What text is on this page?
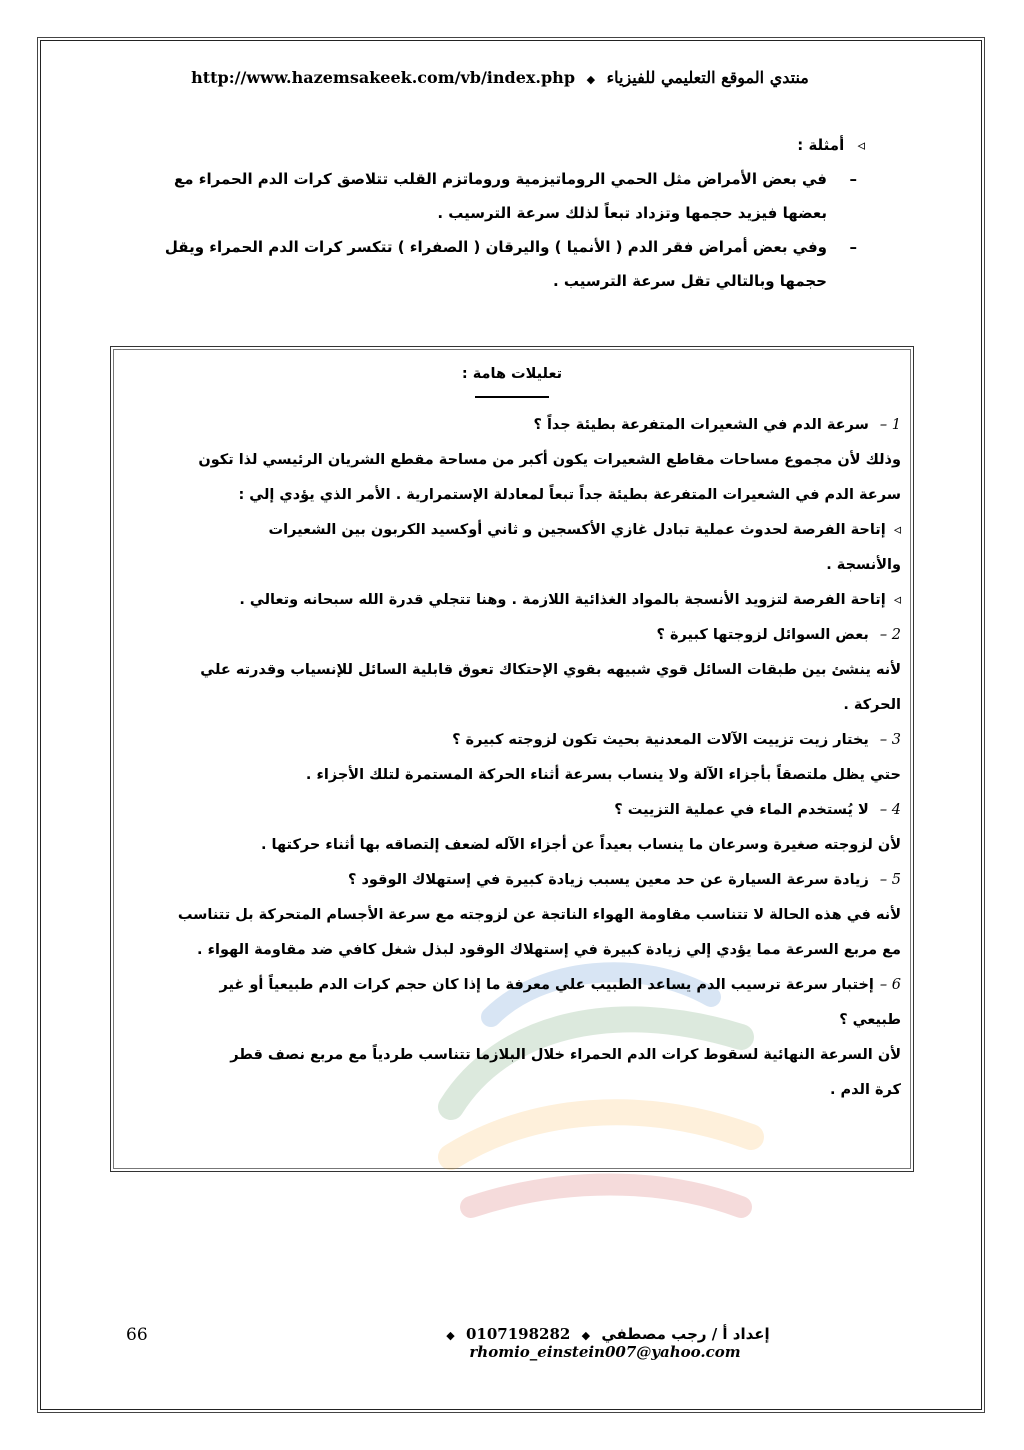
منتدي الموقع التعليمي للفيزياء ◆ http://www.hazemsakeek.com/vb/index.php
◃ أمثلة :
–
في بعض الأمراض مثل الحمي الروماتيزمية وروماتزم القلب تتلاصق كرات الدم الحمراء مع
بعضها فيزيد حجمها وتزداد تبعاً لذلك سرعة الترسيب .
–
وفي بعض أمراض فقر الدم ( الأنميا ) واليرقان ( الصفراء ) تتكسر كرات الدم الحمراء ويقل
حجمها وبالتالي تقل سرعة الترسيب .
تعليلات هامة :
1 – سرعة الدم في الشعيرات المتفرعة بطيئة جداً ؟
وذلك لأن مجموع مساحات مقاطع الشعيرات يكون أكبر من مساحة مقطع الشريان الرئيسي لذا تكون
سرعة الدم في الشعيرات المتفرعة بطيئة جداً تبعاً لمعادلة الإستمرارية . الأمر الذي يؤدي إلي :
◃إتاحة الفرصة لحدوث عملية تبادل غازي الأكسجين و ثاني أوكسيد الكربون بين الشعيرات
والأنسجة .
◃إتاحة الفرصة لتزويد الأنسجة بالمواد الغذائية اللازمة . وهنا تتجلي قدرة الله سبحانه وتعالي .
2 – بعض السوائل لزوجتها كبيرة ؟
لأنه ينشئ بين طبقات السائل قوي شبيهه بقوي الإحتكاك تعوق قابلية السائل للإنسياب وقدرته علي
الحركة .
3 – يختار زيت تزييت الآلات المعدنية بحيث تكون لزوجته كبيرة ؟
حتي يظل ملتصقاً بأجزاء الآلة ولا ينساب بسرعة أثناء الحركة المستمرة لتلك الأجزاء .
4 – لا يُستخدم الماء في عملية التزييت ؟
لأن لزوجته صغيرة وسرعان ما ينساب بعيداً عن أجزاء الآله لضعف إلتصاقه بها أثناء حركتها .
5 – زيادة سرعة السيارة عن حد معين يسبب زيادة كبيرة في إستهلاك الوقود ؟
لأنه في هذه الحالة لا تتناسب مقاومة الهواء الناتجة عن لزوجته مع سرعة الأجسام المتحركة بل تتناسب
مع مربع السرعة مما يؤدي إلي زيادة كبيرة في إستهلاك الوقود لبذل شغل كافي ضد مقاومة الهواء .
6 –إختبار سرعة ترسيب الدم يساعد الطبيب علي معرفة ما إذا كان حجم كرات الدم طبيعياً أو غير
طبيعي ؟
لأن السرعة النهائية لسقوط كرات الدم الحمراء خلال البلازما تتناسب طردياً مع مربع نصف قطر
كرة الدم .
66	إعداد أ / رجب مصطفي ◆ 0107198282 ◆ rhomio_einstein007@yahoo.com
